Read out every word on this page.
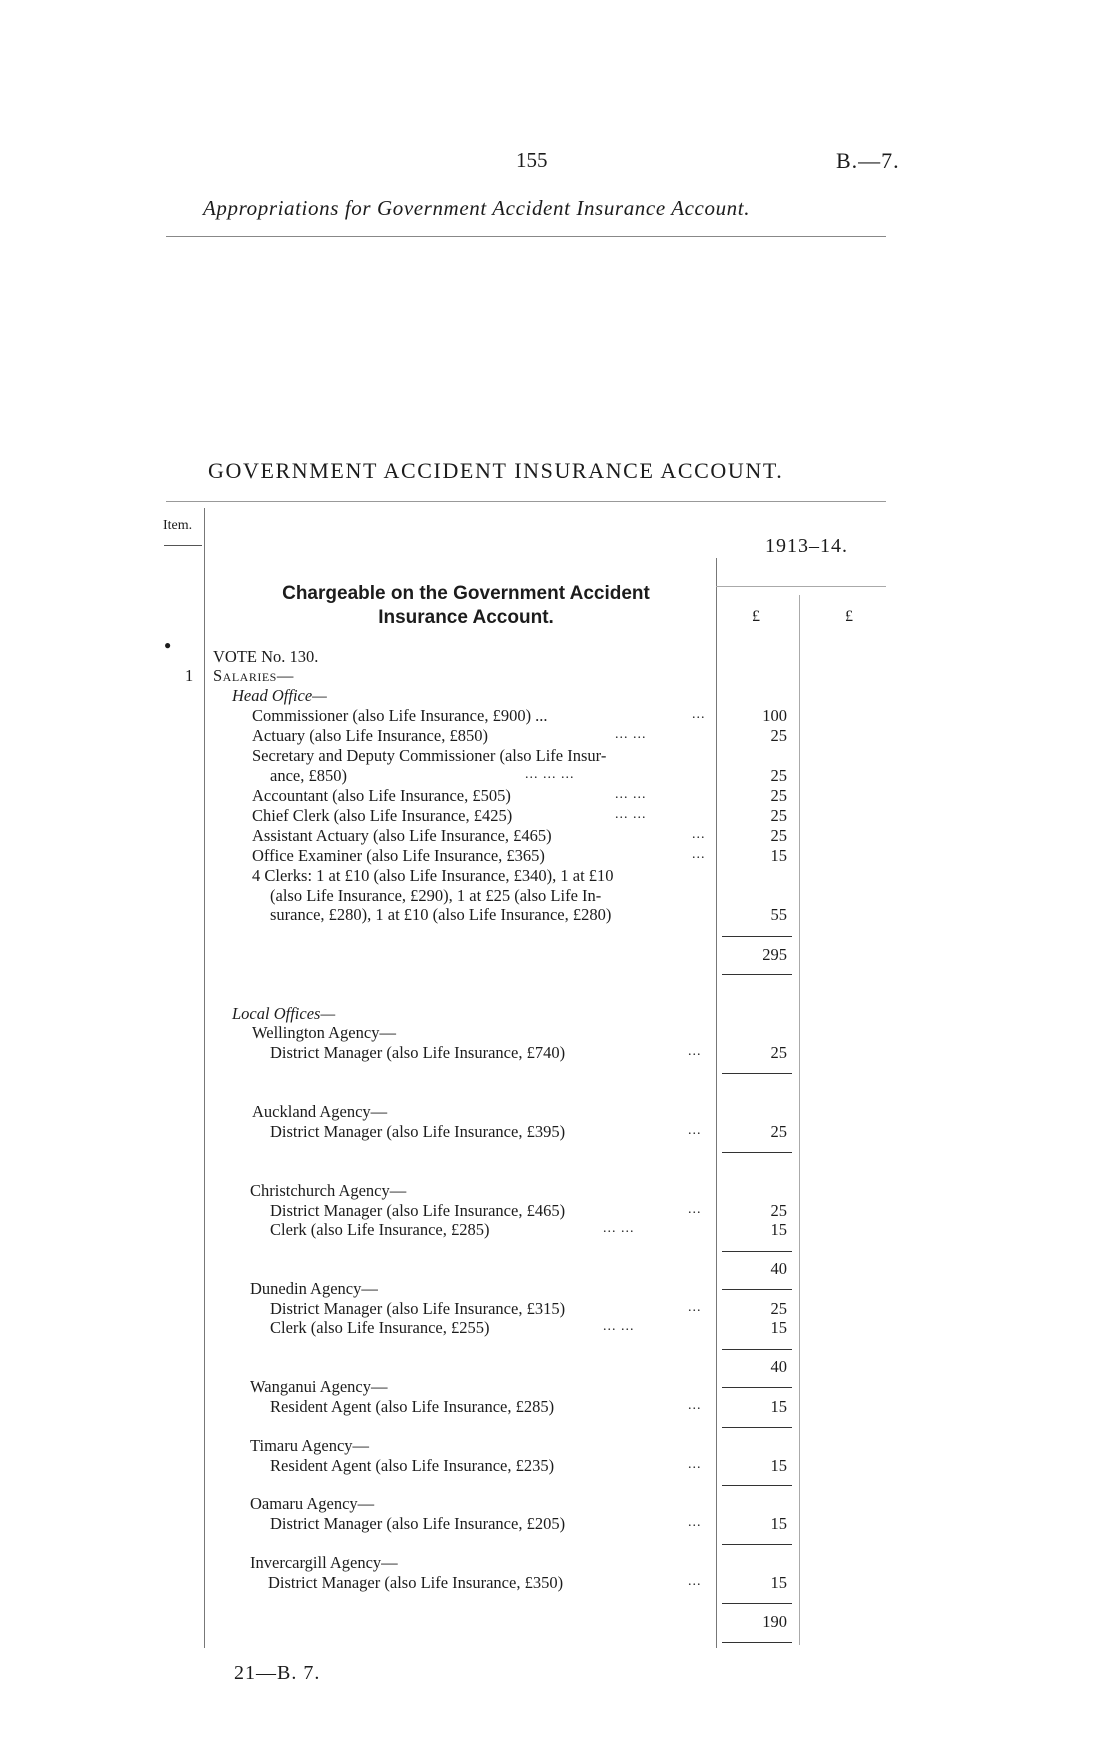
155	B.—7.
Appropriations for Government Accident Insurance Account.
GOVERNMENT ACCIDENT INSURANCE ACCOUNT.
Item.
1913–14.
£	£
Chargeable on the Government Accident Insurance Account.
●
VOTE No. 130.
1 Salaries—
Head Office—
Commissioner (also Life Insurance, £900) ...	...	100
Actuary (also Life Insurance, £850)	... ...	25
Secretary and Deputy Commissioner (also Life Insur-
ance, £850)	... ... ...	25
Accountant (also Life Insurance, £505)	... ...	25
Chief Clerk (also Life Insurance, £425)	... ...	25
Assistant Actuary (also Life Insurance, £465)	...	25
Office Examiner (also Life Insurance, £365)	...	15
4 Clerks: 1 at £10 (also Life Insurance, £340), 1 at £10
(also Life Insurance, £290), 1 at £25 (also Life In-
surance, £280), 1 at £10 (also Life Insurance, £280)	55
295
Local Offices—
Wellington Agency—
District Manager (also Life Insurance, £740)	...	25
Auckland Agency—
District Manager (also Life Insurance, £395)	...	25
Christchurch Agency—
District Manager (also Life Insurance, £465)	...	25
Clerk (also Life Insurance, £285)	... ...	15
40
Dunedin Agency—
District Manager (also Life Insurance, £315)	...	25
Clerk (also Life Insurance, £255)	... ...	15
40
Wanganui Agency—
Resident Agent (also Life Insurance, £285)	...	15
Timaru Agency—
Resident Agent (also Life Insurance, £235)	...	15
Oamaru Agency—
District Manager (also Life Insurance, £205)	...	15
Invercargill Agency—
District Manager (also Life Insurance, £350)	...	15
190
21—B. 7.
